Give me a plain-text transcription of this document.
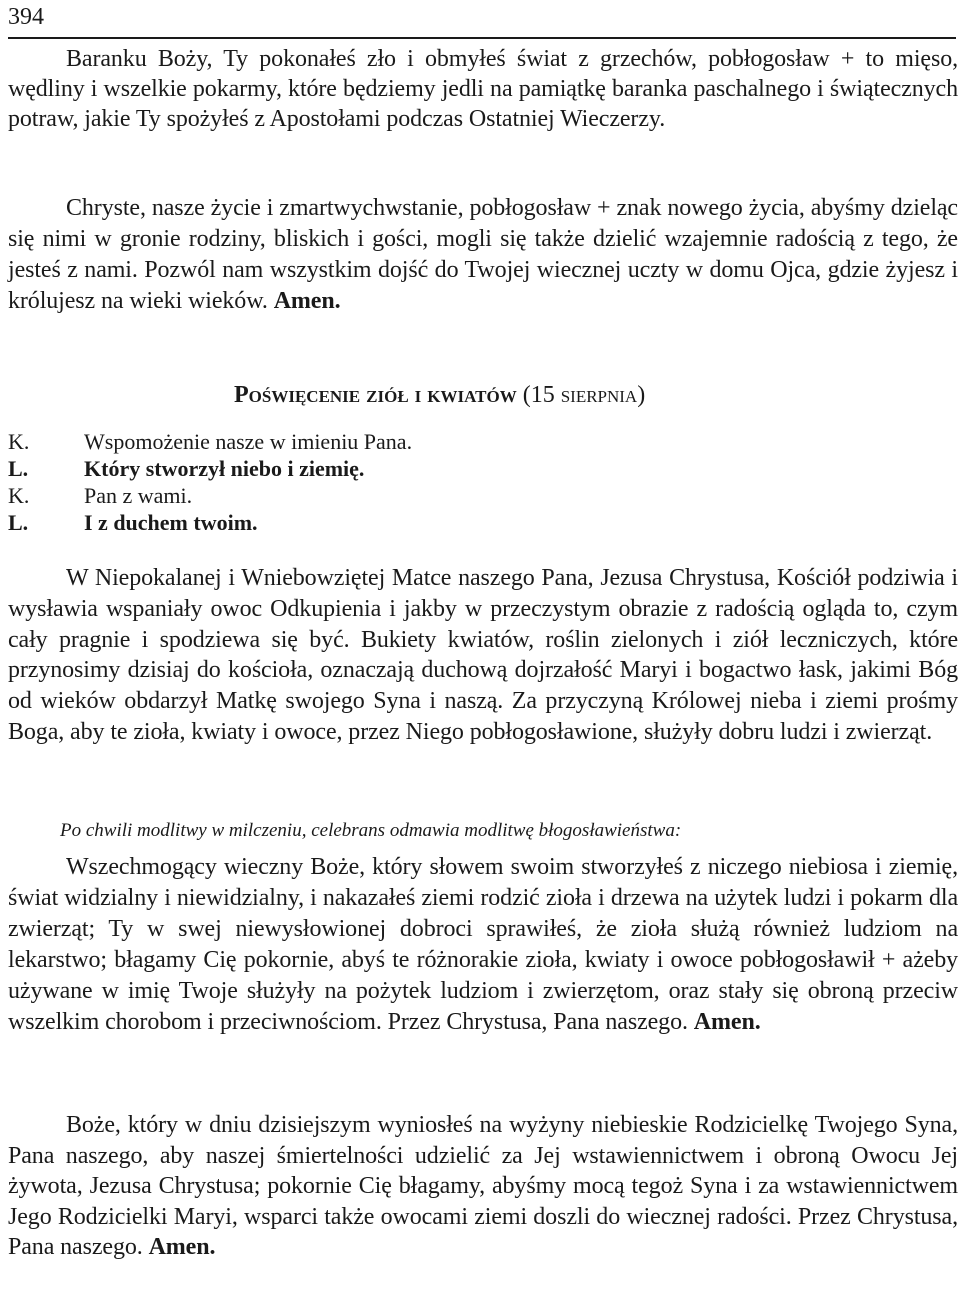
394

Baranku Boży, Ty pokonałeś zło i obmyłeś świat z grzechów, pobłogosław + to mięso, wędliny i wszelkie pokarmy, które będziemy jedli na pamiątkę baranka paschalnego i świątecznych potraw, jakie Ty spożyłeś z Apostołami podczas Ostatniej Wieczerzy.

Chryste, nasze życie i zmartwychwstanie, pobłogosław + znak nowego życia, abyśmy dzieląc się nimi w gronie rodziny, bliskich i gości, mogli się także dzielić wzajemnie radością z tego, że jesteś z nami. Pozwól nam wszystkim dojść do Twojej wiecznej uczty w domu Ojca, gdzie żyjesz i królujesz na wieki wieków. Amen.

Poświęcenie ziół i kwiatów (15 sierpnia)
K.	Wspomożenie nasze w imieniu Pana.
L.	Który stworzył niebo i ziemię.
K.	Pan z wami.
L.	I z duchem twoim.

W Niepokalanej i Wniebowziętej Matce naszego Pana, Jezusa Chrystusa, Kościół podziwia i wysławia wspaniały owoc Odkupienia i jakby w przeczystym obrazie z radością ogląda to, czym cały pragnie i spodziewa się być. Bukiety kwiatów, roślin zielonych i ziół leczniczych, które przynosimy dzisiaj do kościoła, oznaczają duchową dojrzałość Maryi i bogactwo łask, jakimi Bóg od wieków obdarzył Matkę swojego Syna i naszą. Za przyczyną Królowej nieba i ziemi prośmy Boga, aby te zioła, kwiaty i owoce, przez Niego pobłogosławione, służyły dobru ludzi i zwierząt.

Po chwili modlitwy w milczeniu, celebrans odmawia modlitwę błogosławieństwa:

Wszechmogący wieczny Boże, który słowem swoim stworzyłeś z niczego niebiosa i ziemię, świat widzialny i niewidzialny, i nakazałeś ziemi rodzić zioła i drzewa na użytek ludzi i pokarm dla zwierząt; Ty w swej niewysłowionej dobroci sprawiłeś, że zioła służą również ludziom na lekarstwo; błagamy Cię pokornie, abyś te różnorakie zioła, kwiaty i owoce pobłogosławił + ażeby używane w imię Twoje służyły na pożytek ludziom i zwierzętom, oraz stały się obroną przeciw wszelkim chorobom i przeciwnościom. Przez Chrystusa, Pana naszego. Amen.

Boże, który w dniu dzisiejszym wyniosłeś na wyżyny niebieskie Rodzicielkę Twojego Syna, Pana naszego, aby naszej śmiertelności udzielić za Jej wstawiennictwem i obroną Owocu Jej żywota, Jezusa Chrystusa; pokornie Cię błagamy, abyśmy mocą tegoż Syna i za wstawiennictwem Jego Rodzicielki Maryi, wsparci także owocami ziemi doszli do wiecznej radości. Przez Chrystusa, Pana naszego. Amen.
